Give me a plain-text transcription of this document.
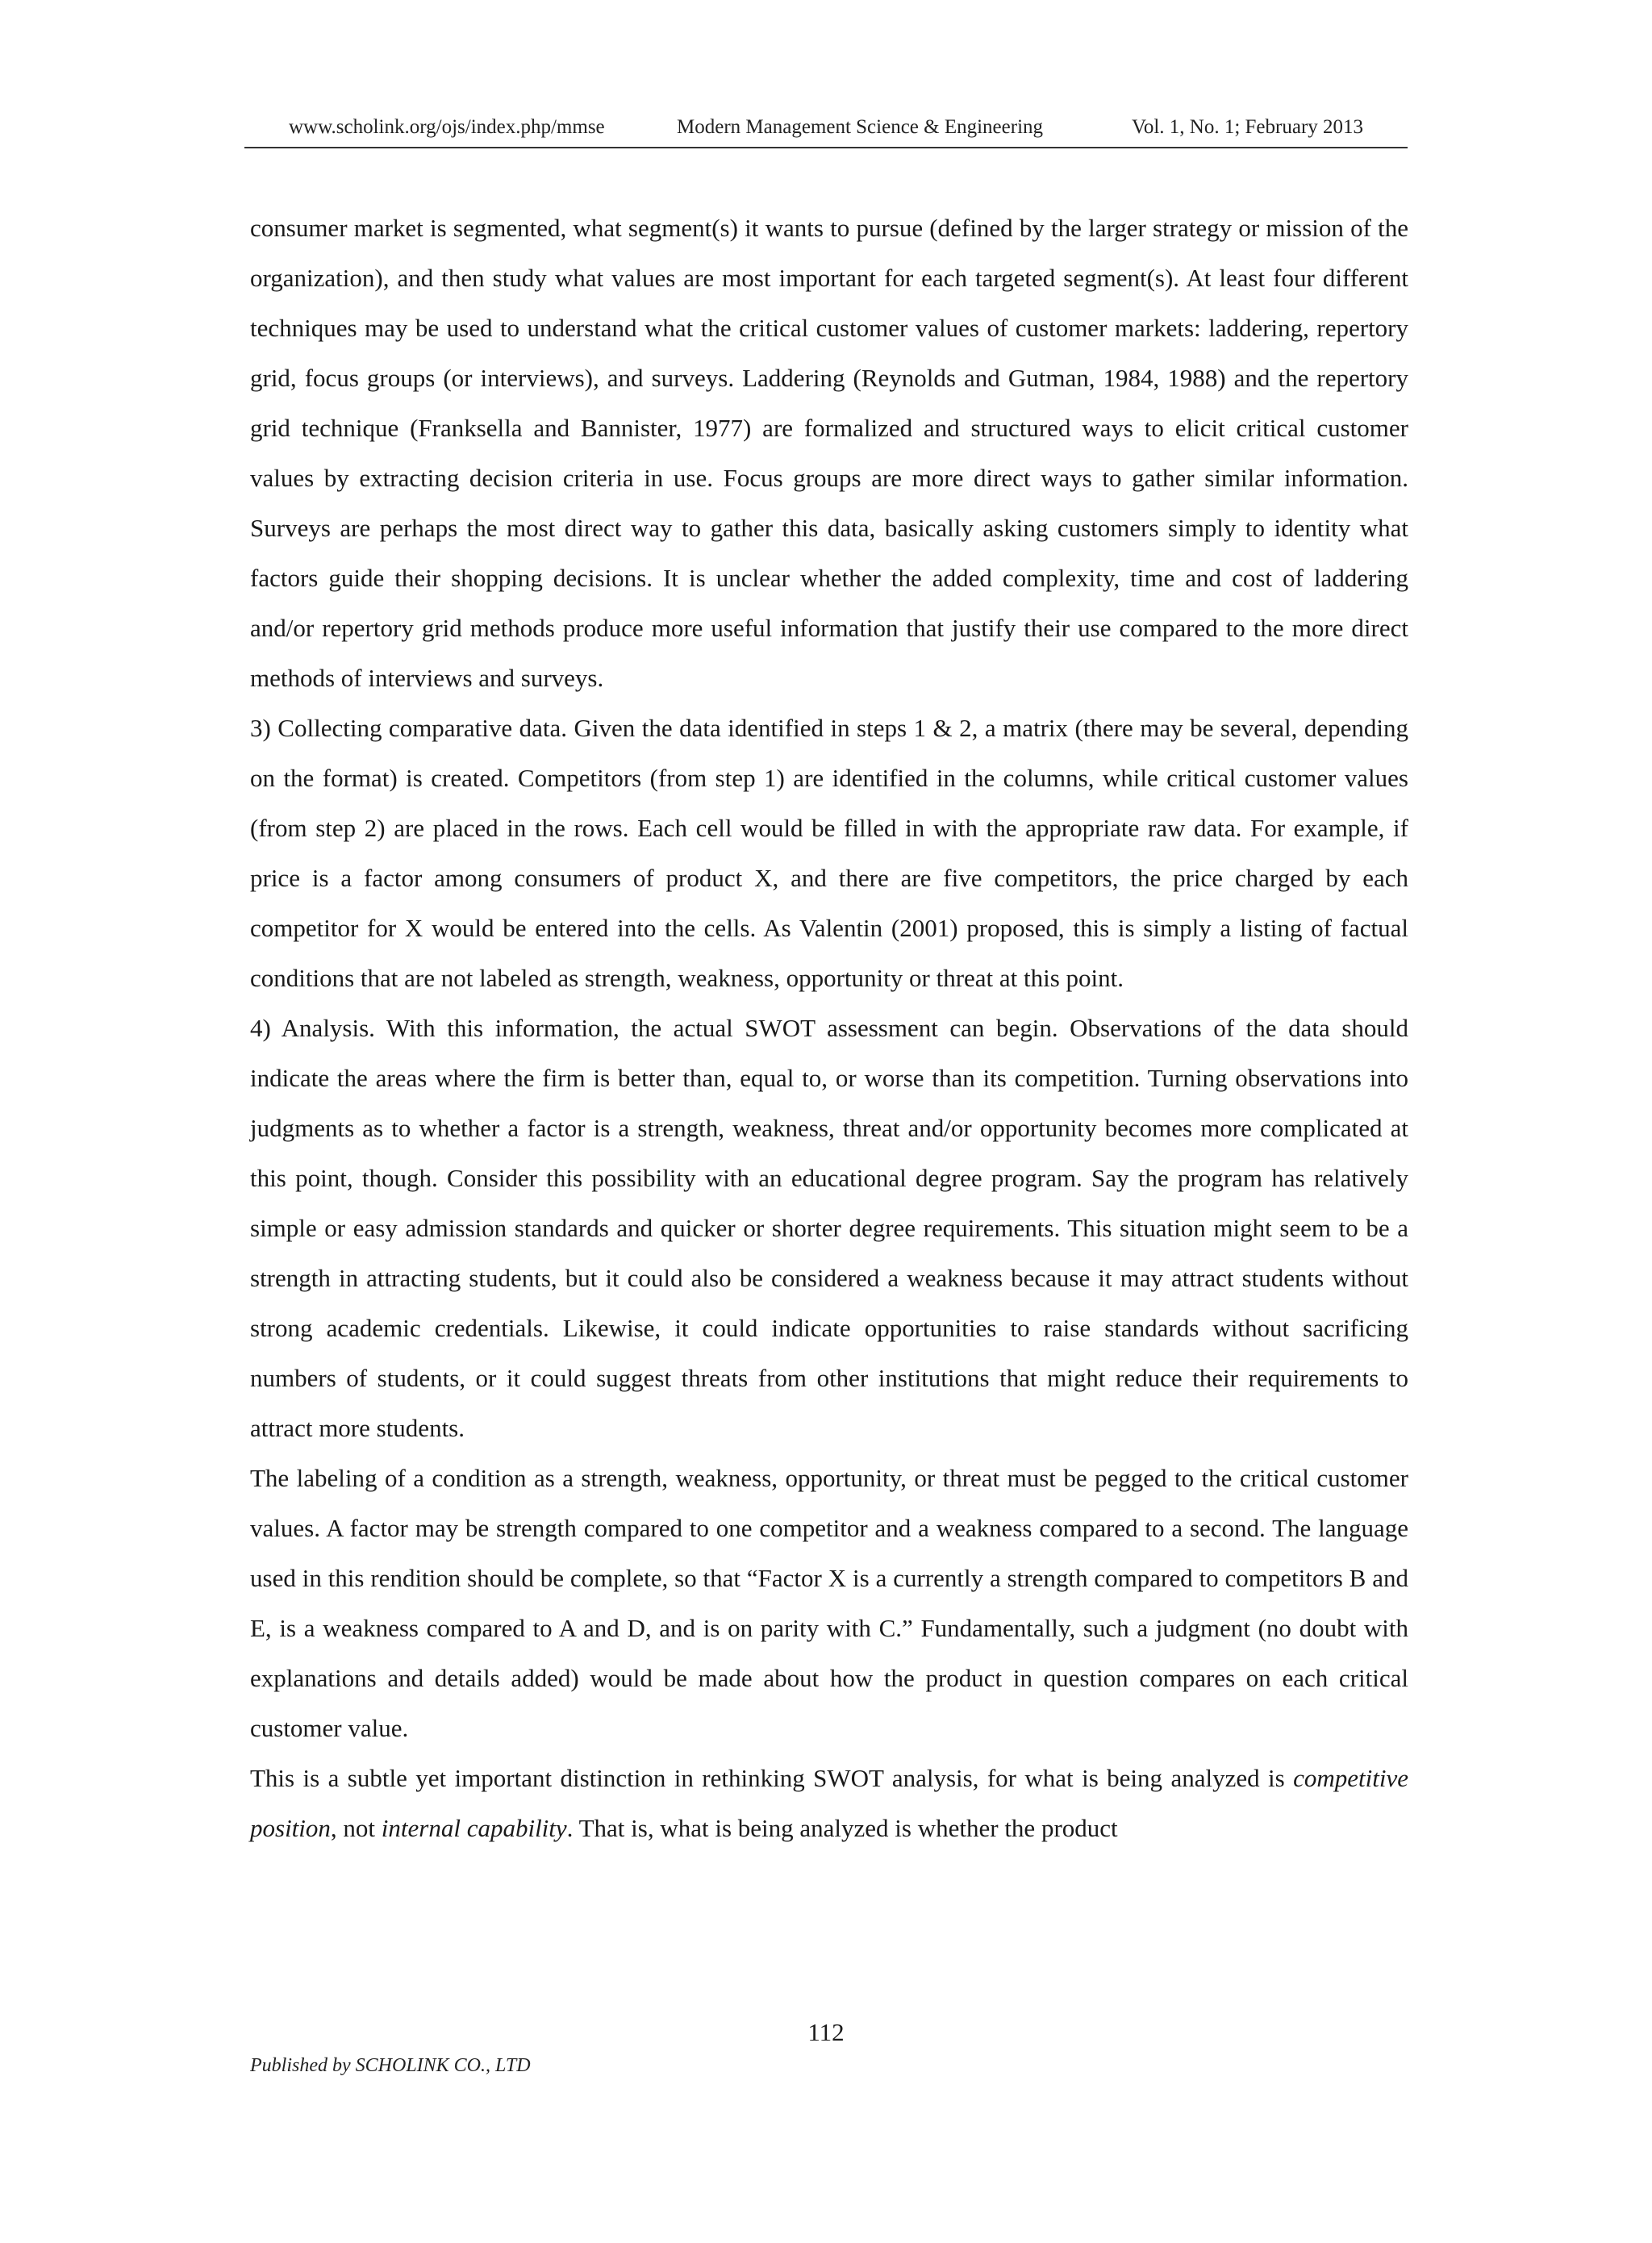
www.scholink.org/ojs/index.php/mmse	Modern Management Science & Engineering	Vol. 1, No. 1; February 2013

consumer market is segmented, what segment(s) it wants to pursue (defined by the larger strategy or mission of the organization), and then study what values are most important for each targeted segment(s). At least four different techniques may be used to understand what the critical customer values of customer markets: laddering, repertory grid, focus groups (or interviews), and surveys. Laddering (Reynolds and Gutman, 1984, 1988) and the repertory grid technique (Franksella and Bannister, 1977) are formalized and structured ways to elicit critical customer values by extracting decision criteria in use. Focus groups are more direct ways to gather similar information. Surveys are perhaps the most direct way to gather this data, basically asking customers simply to identity what factors guide their shopping decisions. It is unclear whether the added complexity, time and cost of laddering and/or repertory grid methods produce more useful information that justify their use compared to the more direct methods of interviews and surveys.

3) Collecting comparative data. Given the data identified in steps 1 & 2, a matrix (there may be several, depending on the format) is created. Competitors (from step 1) are identified in the columns, while critical customer values (from step 2) are placed in the rows. Each cell would be filled in with the appropriate raw data. For example, if price is a factor among consumers of product X, and there are five competitors, the price charged by each competitor for X would be entered into the cells. As Valentin (2001) proposed, this is simply a listing of factual conditions that are not labeled as strength, weakness, opportunity or threat at this point.

4) Analysis. With this information, the actual SWOT assessment can begin. Observations of the data should indicate the areas where the firm is better than, equal to, or worse than its competition. Turning observations into judgments as to whether a factor is a strength, weakness, threat and/or opportunity becomes more complicated at this point, though. Consider this possibility with an educational degree program. Say the program has relatively simple or easy admission standards and quicker or shorter degree requirements. This situation might seem to be a strength in attracting students, but it could also be considered a weakness because it may attract students without strong academic credentials. Likewise, it could indicate opportunities to raise standards without sacrificing numbers of students, or it could suggest threats from other institutions that might reduce their requirements to attract more students.

The labeling of a condition as a strength, weakness, opportunity, or threat must be pegged to the critical customer values. A factor may be strength compared to one competitor and a weakness compared to a second. The language used in this rendition should be complete, so that “Factor X is a currently a strength compared to competitors B and E, is a weakness compared to A and D, and is on parity with C.” Fundamentally, such a judgment (no doubt with explanations and details added) would be made about how the product in question compares on each critical customer value.

This is a subtle yet important distinction in rethinking SWOT analysis, for what is being analyzed is competitive position, not internal capability. That is, what is being analyzed is whether the product

112
Published by SCHOLINK CO., LTD
